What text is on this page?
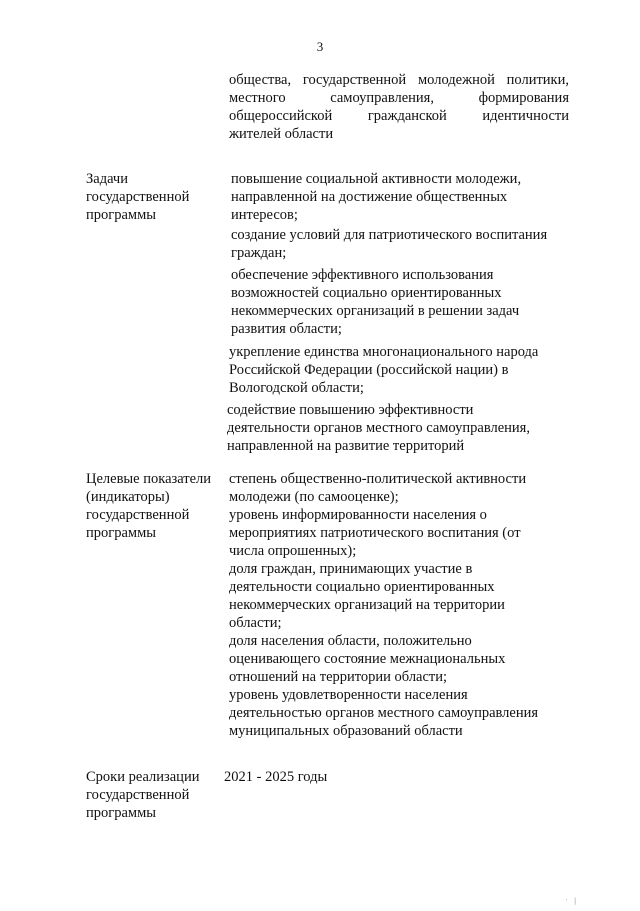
3
общества, государственной молодежной политики,
местного самоуправления, формирования
общероссийской гражданской идентичности
жителей области
Задачи
государственной
программы
повышение социальной активности молодежи,
направленной на достижение общественных
интересов;
создание условий для патриотического воспитания
граждан;
обеспечение эффективного использования
возможностей социально ориентированных
некоммерческих организаций в решении задач
развития области;
укрепление единства многонационального народа
Российской Федерации (российской нации) в
Вологодской области;
содействие повышению эффективности
деятельности органов местного самоуправления,
направленной на развитие территорий
Целевые показатели
(индикаторы)
государственной
программы
степень общественно-политической активности
молодежи (по самооценке);
уровень информированности населения о
мероприятиях патриотического воспитания (от
числа опрошенных);
доля граждан, принимающих участие в
деятельности социально ориентированных
некоммерческих организаций на территории
области;
доля населения области, положительно
оценивающего состояние межнациональных
отношений на территории области;
уровень удовлетворенности населения
деятельностью органов местного самоуправления
муниципальных образований области
Сроки реализации
государственной
программы
2021 - 2025 годы
′ │
